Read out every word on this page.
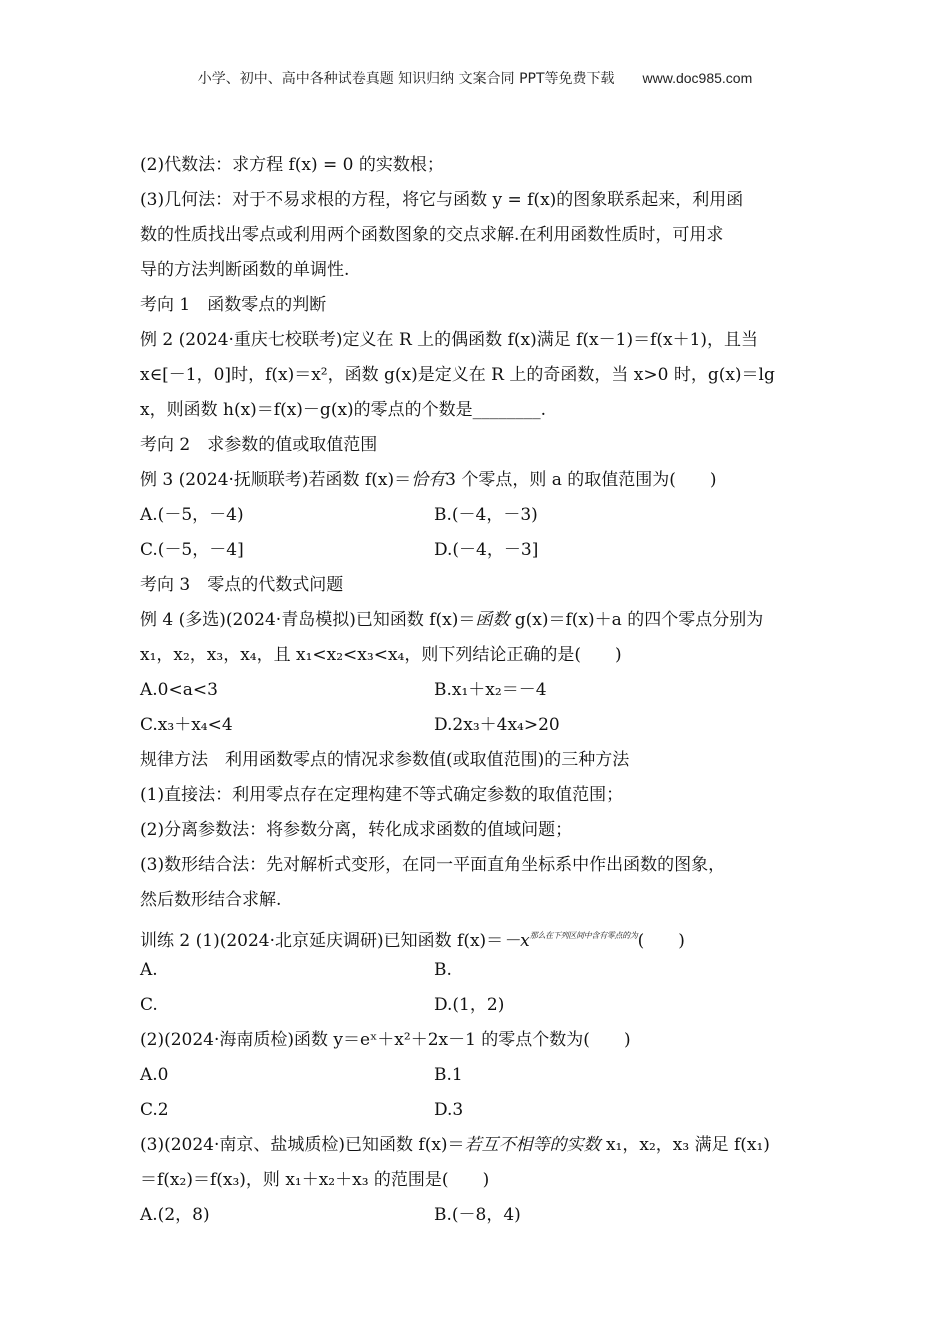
小学、初中、高中各种试卷真题 知识归纳 文案合同 PPT等免费下载 www.doc985.com
(2)代数法：求方程 f(x) = 0 的实数根；
(3)几何法：对于不易求根的方程，将它与函数 y = f(x)的图象联系起来，利用函
数的性质找出零点或利用两个函数图象的交点求解.在利用函数性质时，可用求
导的方法判断函数的单调性.
考向 1　函数零点的判断
例 2 (2024·重庆七校联考)定义在 R 上的偶函数 f(x)满足 f(x－1)＝f(x＋1)，且当
x∈[－1，0]时，f(x)＝x²，函数 g(x)是定义在 R 上的奇函数，当 x>0 时，g(x)＝lg
x，则函数 h(x)＝f(x)－g(x)的零点的个数是________.
考向 2　求参数的值或取值范围
例 3 (2024·抚顺联考)若函数 f(x)＝恰有3 个零点，则 a 的取值范围为(　　)
A.(－5，－4)	B.(－4，－3)
C.(－5，－4]	D.(－4，－3]
考向 3　零点的代数式问题
例 4 (多选)(2024·青岛模拟)已知函数 f(x)＝函数 g(x)＝f(x)＋a 的四个零点分别为
x₁，x₂，x₃，x₄，且 x₁<x₂<x₃<x₄，则下列结论正确的是(　　)
A.0<a<3	B.x₁＋x₂＝－4
C.x₃＋x₄<4	D.2x₃＋4x₄>20
规律方法　利用函数零点的情况求参数值(或取值范围)的三种方法
(1)直接法：利用零点存在定理构建不等式确定参数的取值范围；
(2)分离参数法：将参数分离，转化成求函数的值域问题；
(3)数形结合法：先对解析式变形，在同一平面直角坐标系中作出函数的图象，
然后数形结合求解.
训练 2 (1)(2024·北京延庆调研)已知函数 $f(x)=-x^{那么在下列区间中含有零点的为}$(　　)
A.	B.
C.	D.(1，2)
(2)(2024·海南质检)函数 y＝eˣ＋x²＋2x－1 的零点个数为(　　)
A.0	B.1
C.2	D.3
(3)(2024·南京、盐城质检)已知函数 f(x)＝若互不相等的实数 x₁，x₂，x₃ 满足 f(x₁)
＝f(x₂)＝f(x₃)，则 x₁＋x₂＋x₃ 的范围是(　　)
A.(2，8)	B.(－8，4)
